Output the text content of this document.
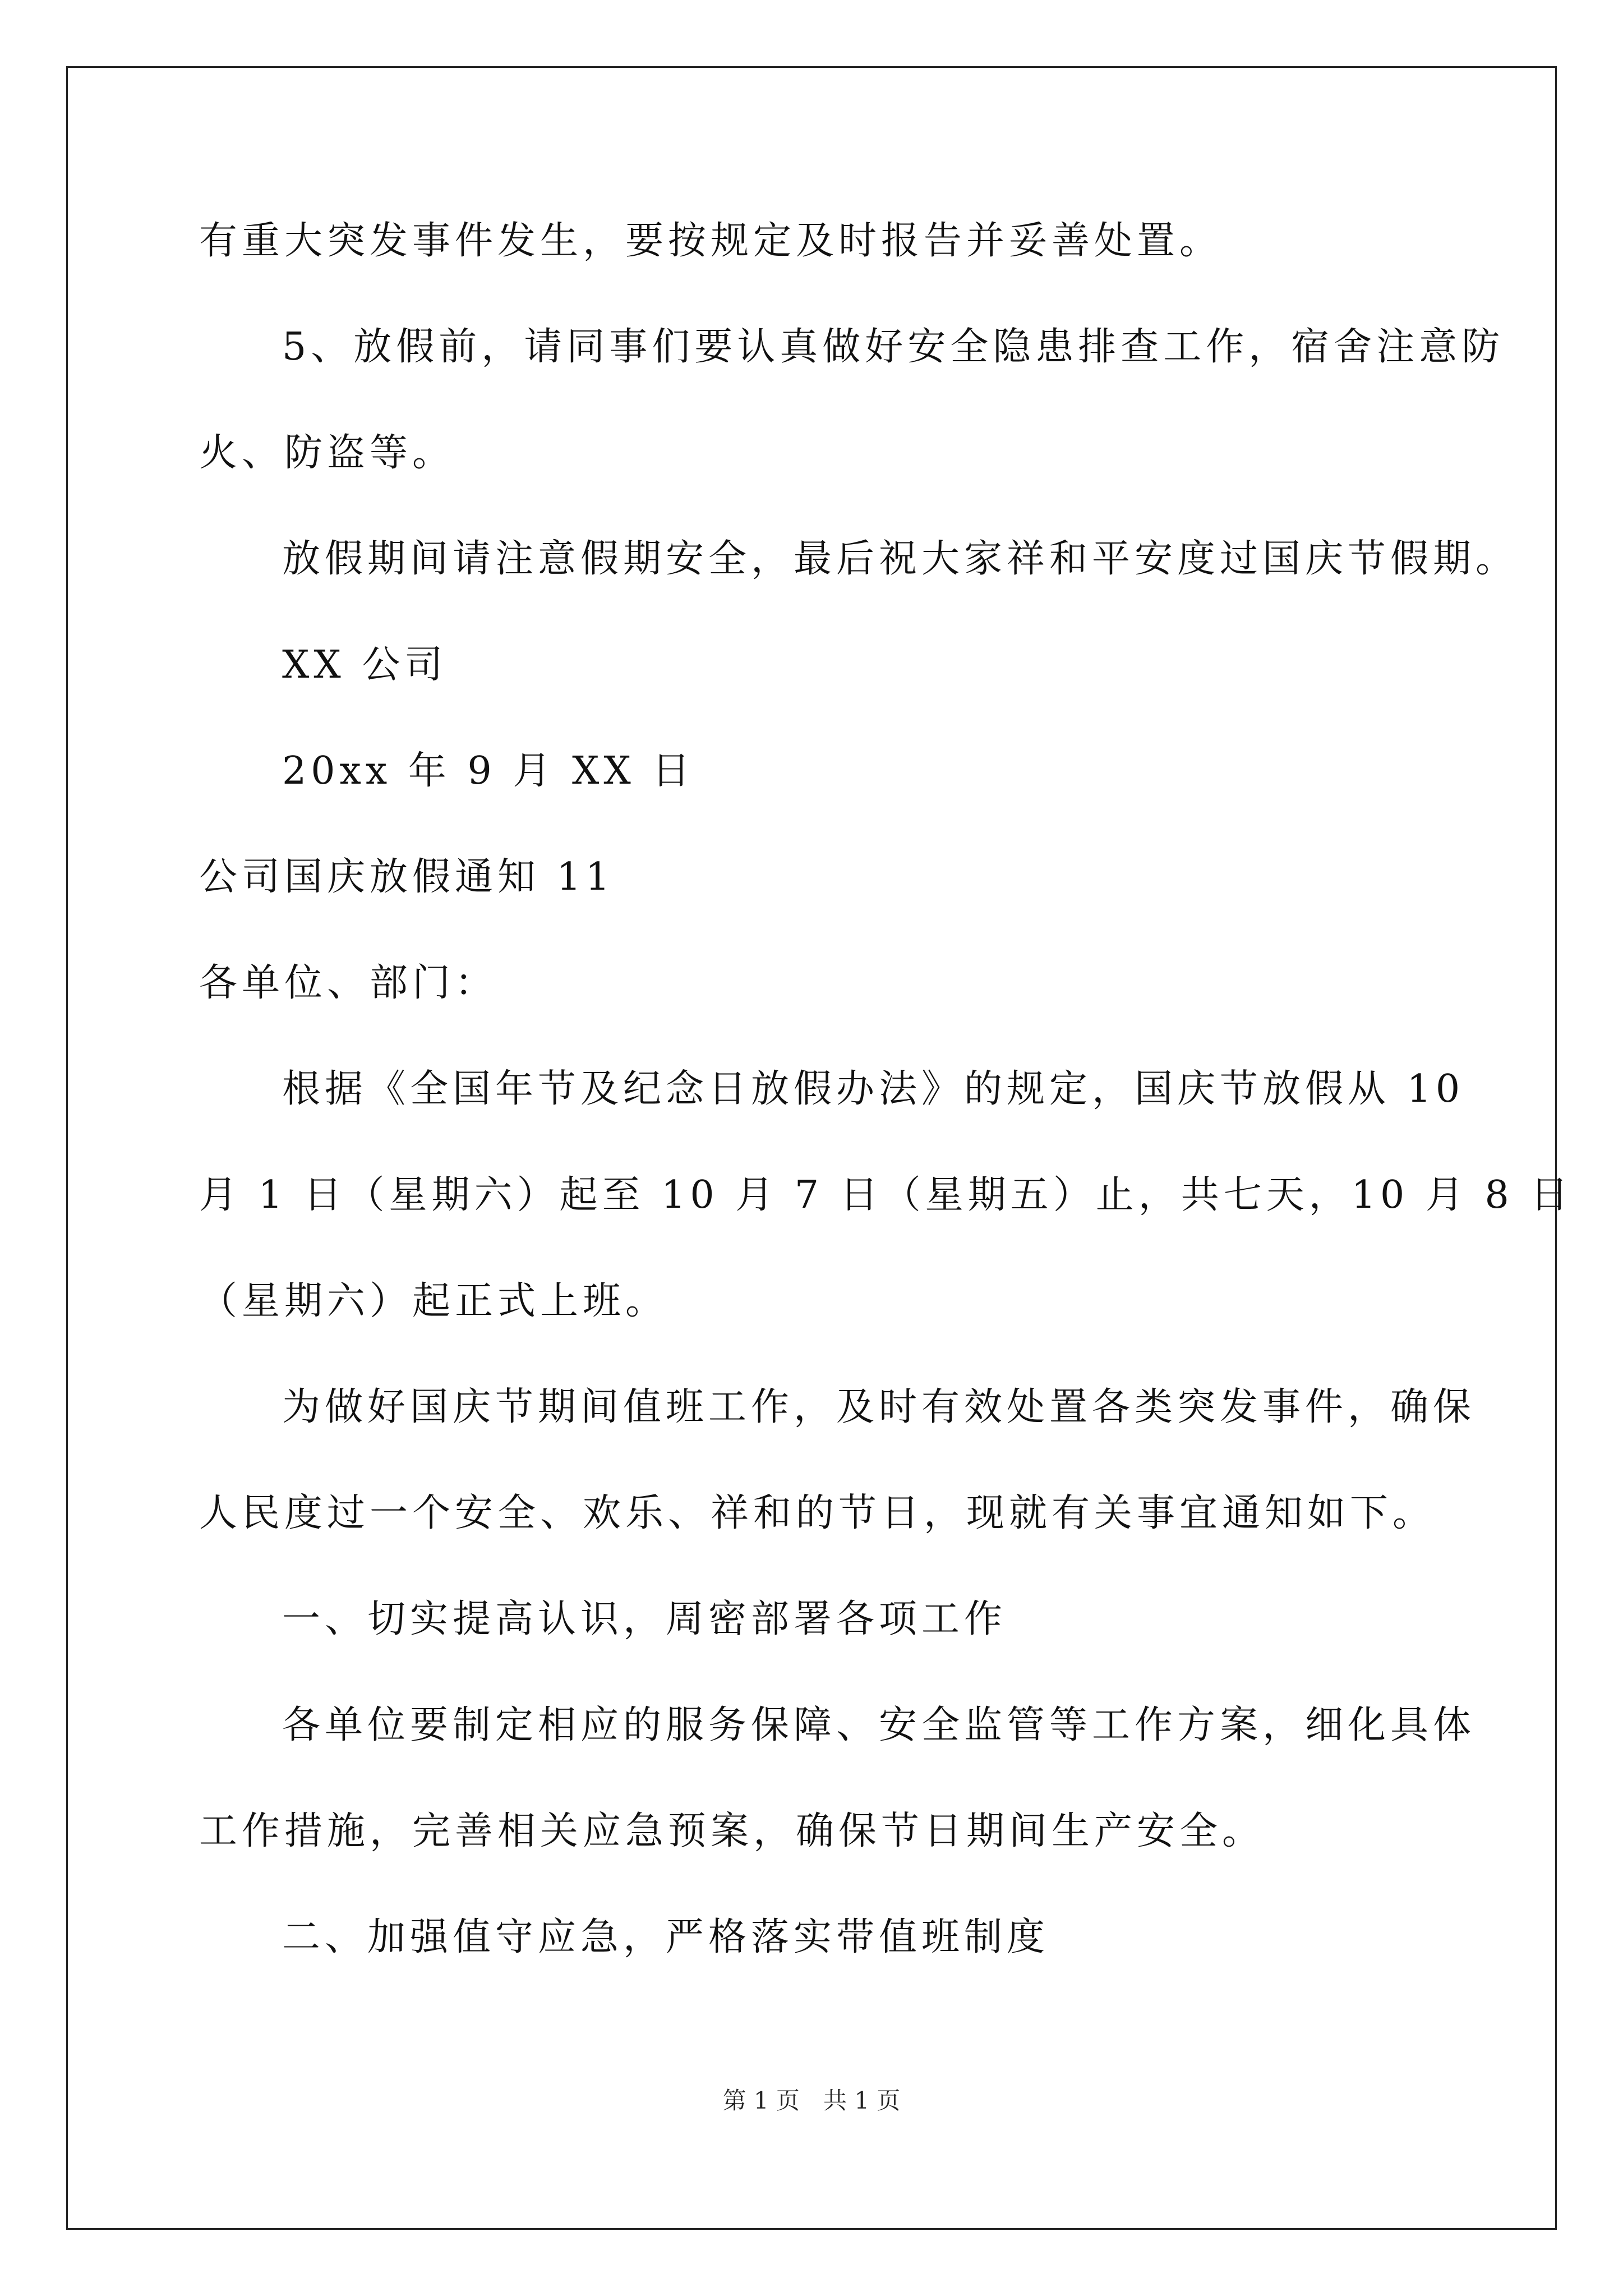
有重大突发事件发生，要按规定及时报告并妥善处置。
5、放假前，请同事们要认真做好安全隐患排查工作，宿舍注意防
火、防盗等。
放假期间请注意假期安全，最后祝大家祥和平安度过国庆节假期。
XX 公司
20xx 年 9 月 XX 日
公司国庆放假通知 11
各单位、部门：
根据《全国年节及纪念日放假办法》的规定，国庆节放假从 10
月 1 日（星期六）起至 10 月 7 日（星期五）止，共七天，10 月 8 日
（星期六）起正式上班。
为做好国庆节期间值班工作，及时有效处置各类突发事件，确保
人民度过一个安全、欢乐、祥和的节日，现就有关事宜通知如下。
一、切实提高认识，周密部署各项工作
各单位要制定相应的服务保障、安全监管等工作方案，细化具体
工作措施，完善相关应急预案，确保节日期间生产安全。
二、加强值守应急，严格落实带值班制度
第 1 页　共 1 页
